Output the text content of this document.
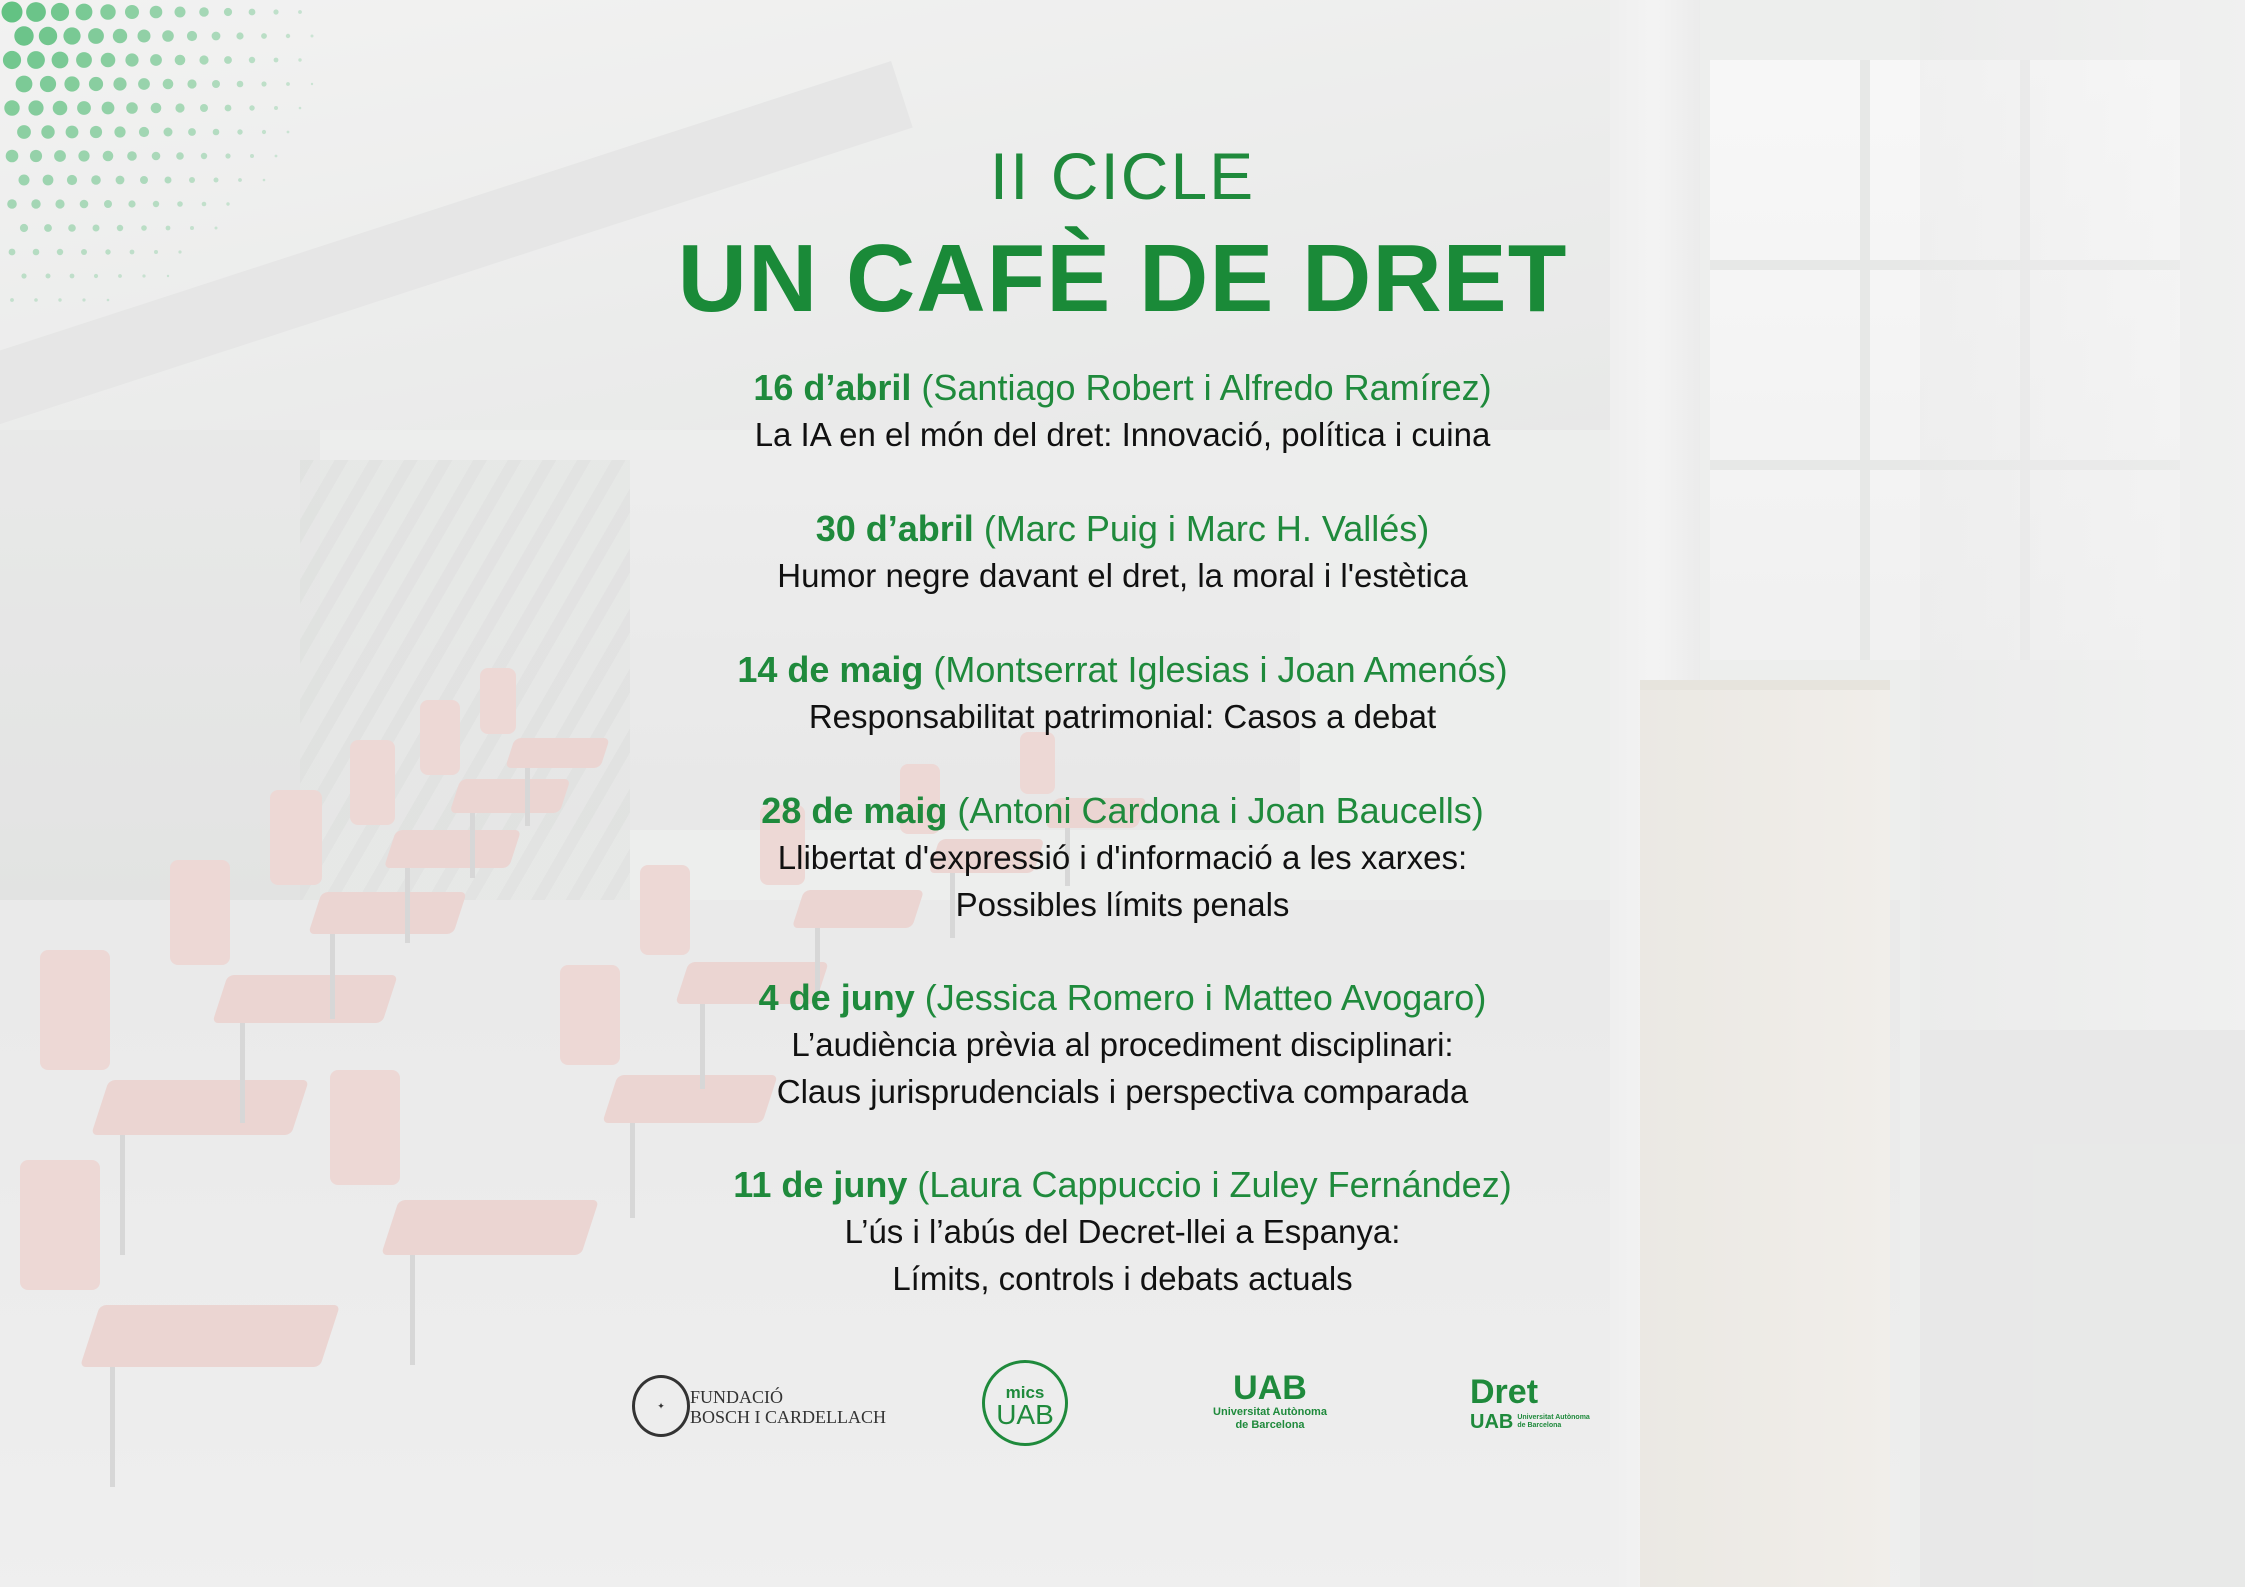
II CICLE
UN CAFÈ DE DRET
16 d’abril (Santiago Robert i Alfredo Ramírez)
La IA en el món del dret: Innovació, política i cuina
30 d’abril (Marc Puig i Marc H. Vallés)
Humor negre davant el dret, la moral i l'estètica
14 de maig (Montserrat Iglesias i Joan Amenós)
Responsabilitat patrimonial: Casos a debat
28 de maig (Antoni Cardona i Joan Baucells)
Llibertat d'expressió i d'informació a les xarxes:
Possibles límits penals
4 de juny (Jessica Romero i Matteo Avogaro)
L’audiència prèvia al procediment disciplinari:
Claus jurisprudencials i perspectiva comparada
11 de juny (Laura Cappuccio i Zuley Fernández)
L’ús i l’abús del Decret-llei a Espanya:
Límits, controls i debats actuals
✦	FUNDACIÓ
BOSCH I CARDELLACH
mics
UAB
UAB
Universitat Autònoma
de Barcelona
Dret
UAB Universitat Autònoma
de Barcelona
